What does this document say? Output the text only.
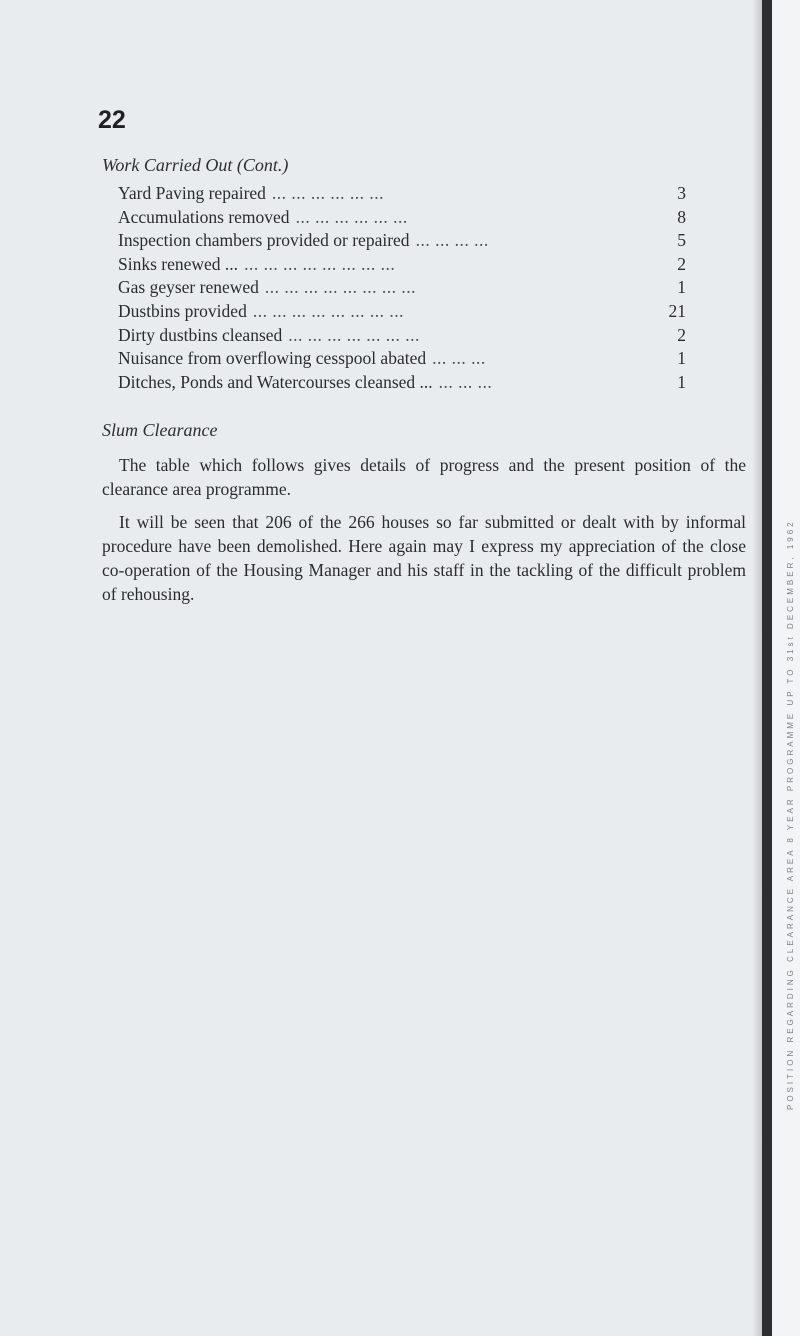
22
Work Carried Out (Cont.)
Yard Paving repaired ... ... ... ... ... ...	3
Accumulations removed ... ... ... ... ... ...	8
Inspection chambers provided or repaired ... ... ... ...	5
Sinks renewed ... ... ... ... ... ... ... ... ...	2
Gas geyser renewed ... ... ... ... ... ... ... ...	1
Dustbins provided ... ... ... ... ... ... ... ...	21
Dirty dustbins cleansed ... ... ... ... ... ... ...	2
Nuisance from overflowing cesspool abated ... ... ...	1
Ditches, Ponds and Watercourses cleansed ... ... ... ...	1
Slum Clearance

The table which follows gives details of progress and the present position of the clearance area programme.

It will be seen that 206 of the 266 houses so far submitted or dealt with by informal procedure have been demolished. Here again may I express my appreciation of the close co-operation of the Housing Manager and his staff in the tackling of the difficult problem of rehousing.	POSITION REGARDING CLEARANCE AREA 8 YEAR PROGRAMME UP TO 31st DECEMBER, 1962
